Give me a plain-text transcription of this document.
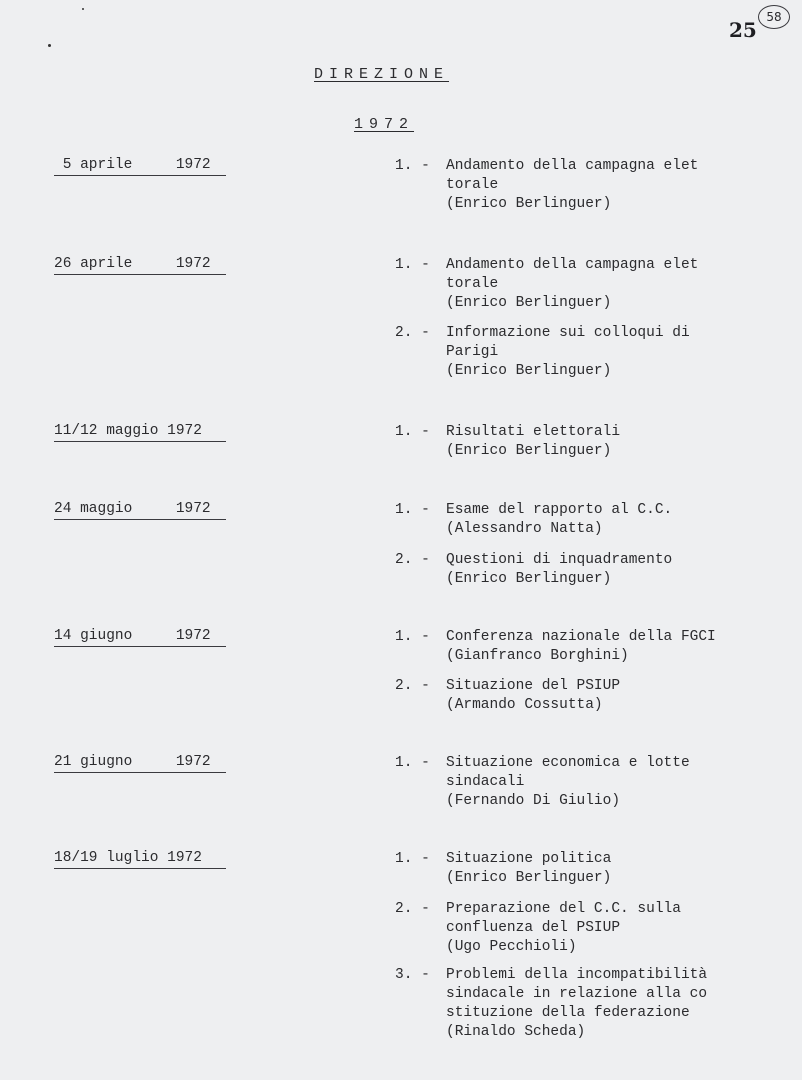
25
58
DIREZIONE
1972
5 aprile     1972	1. - Andamento della campagna elet
torale
(Enrico Berlinguer)
26 aprile     1972	1. - Andamento della campagna elet
torale
(Enrico Berlinguer)
2. - Informazione sui colloqui di
Parigi
(Enrico Berlinguer)
11/12 maggio 1972	1. - Risultati elettorali
(Enrico Berlinguer)
24 maggio     1972	1. - Esame del rapporto al C.C.
(Alessandro Natta)
2. - Questioni di inquadramento
(Enrico Berlinguer)
14 giugno     1972	1. - Conferenza nazionale della FGCI
(Gianfranco Borghini)
2. - Situazione del PSIUP
(Armando Cossutta)
21 giugno     1972	1. - Situazione economica e lotte
sindacali
(Fernando Di Giulio)
18/19 luglio 1972	1. - Situazione politica
(Enrico Berlinguer)
2. - Preparazione del C.C. sulla
confluenza del PSIUP
(Ugo Pecchioli)
3. - Problemi della incompatibilità
sindacale in relazione alla co
stituzione della federazione
(Rinaldo Scheda)
